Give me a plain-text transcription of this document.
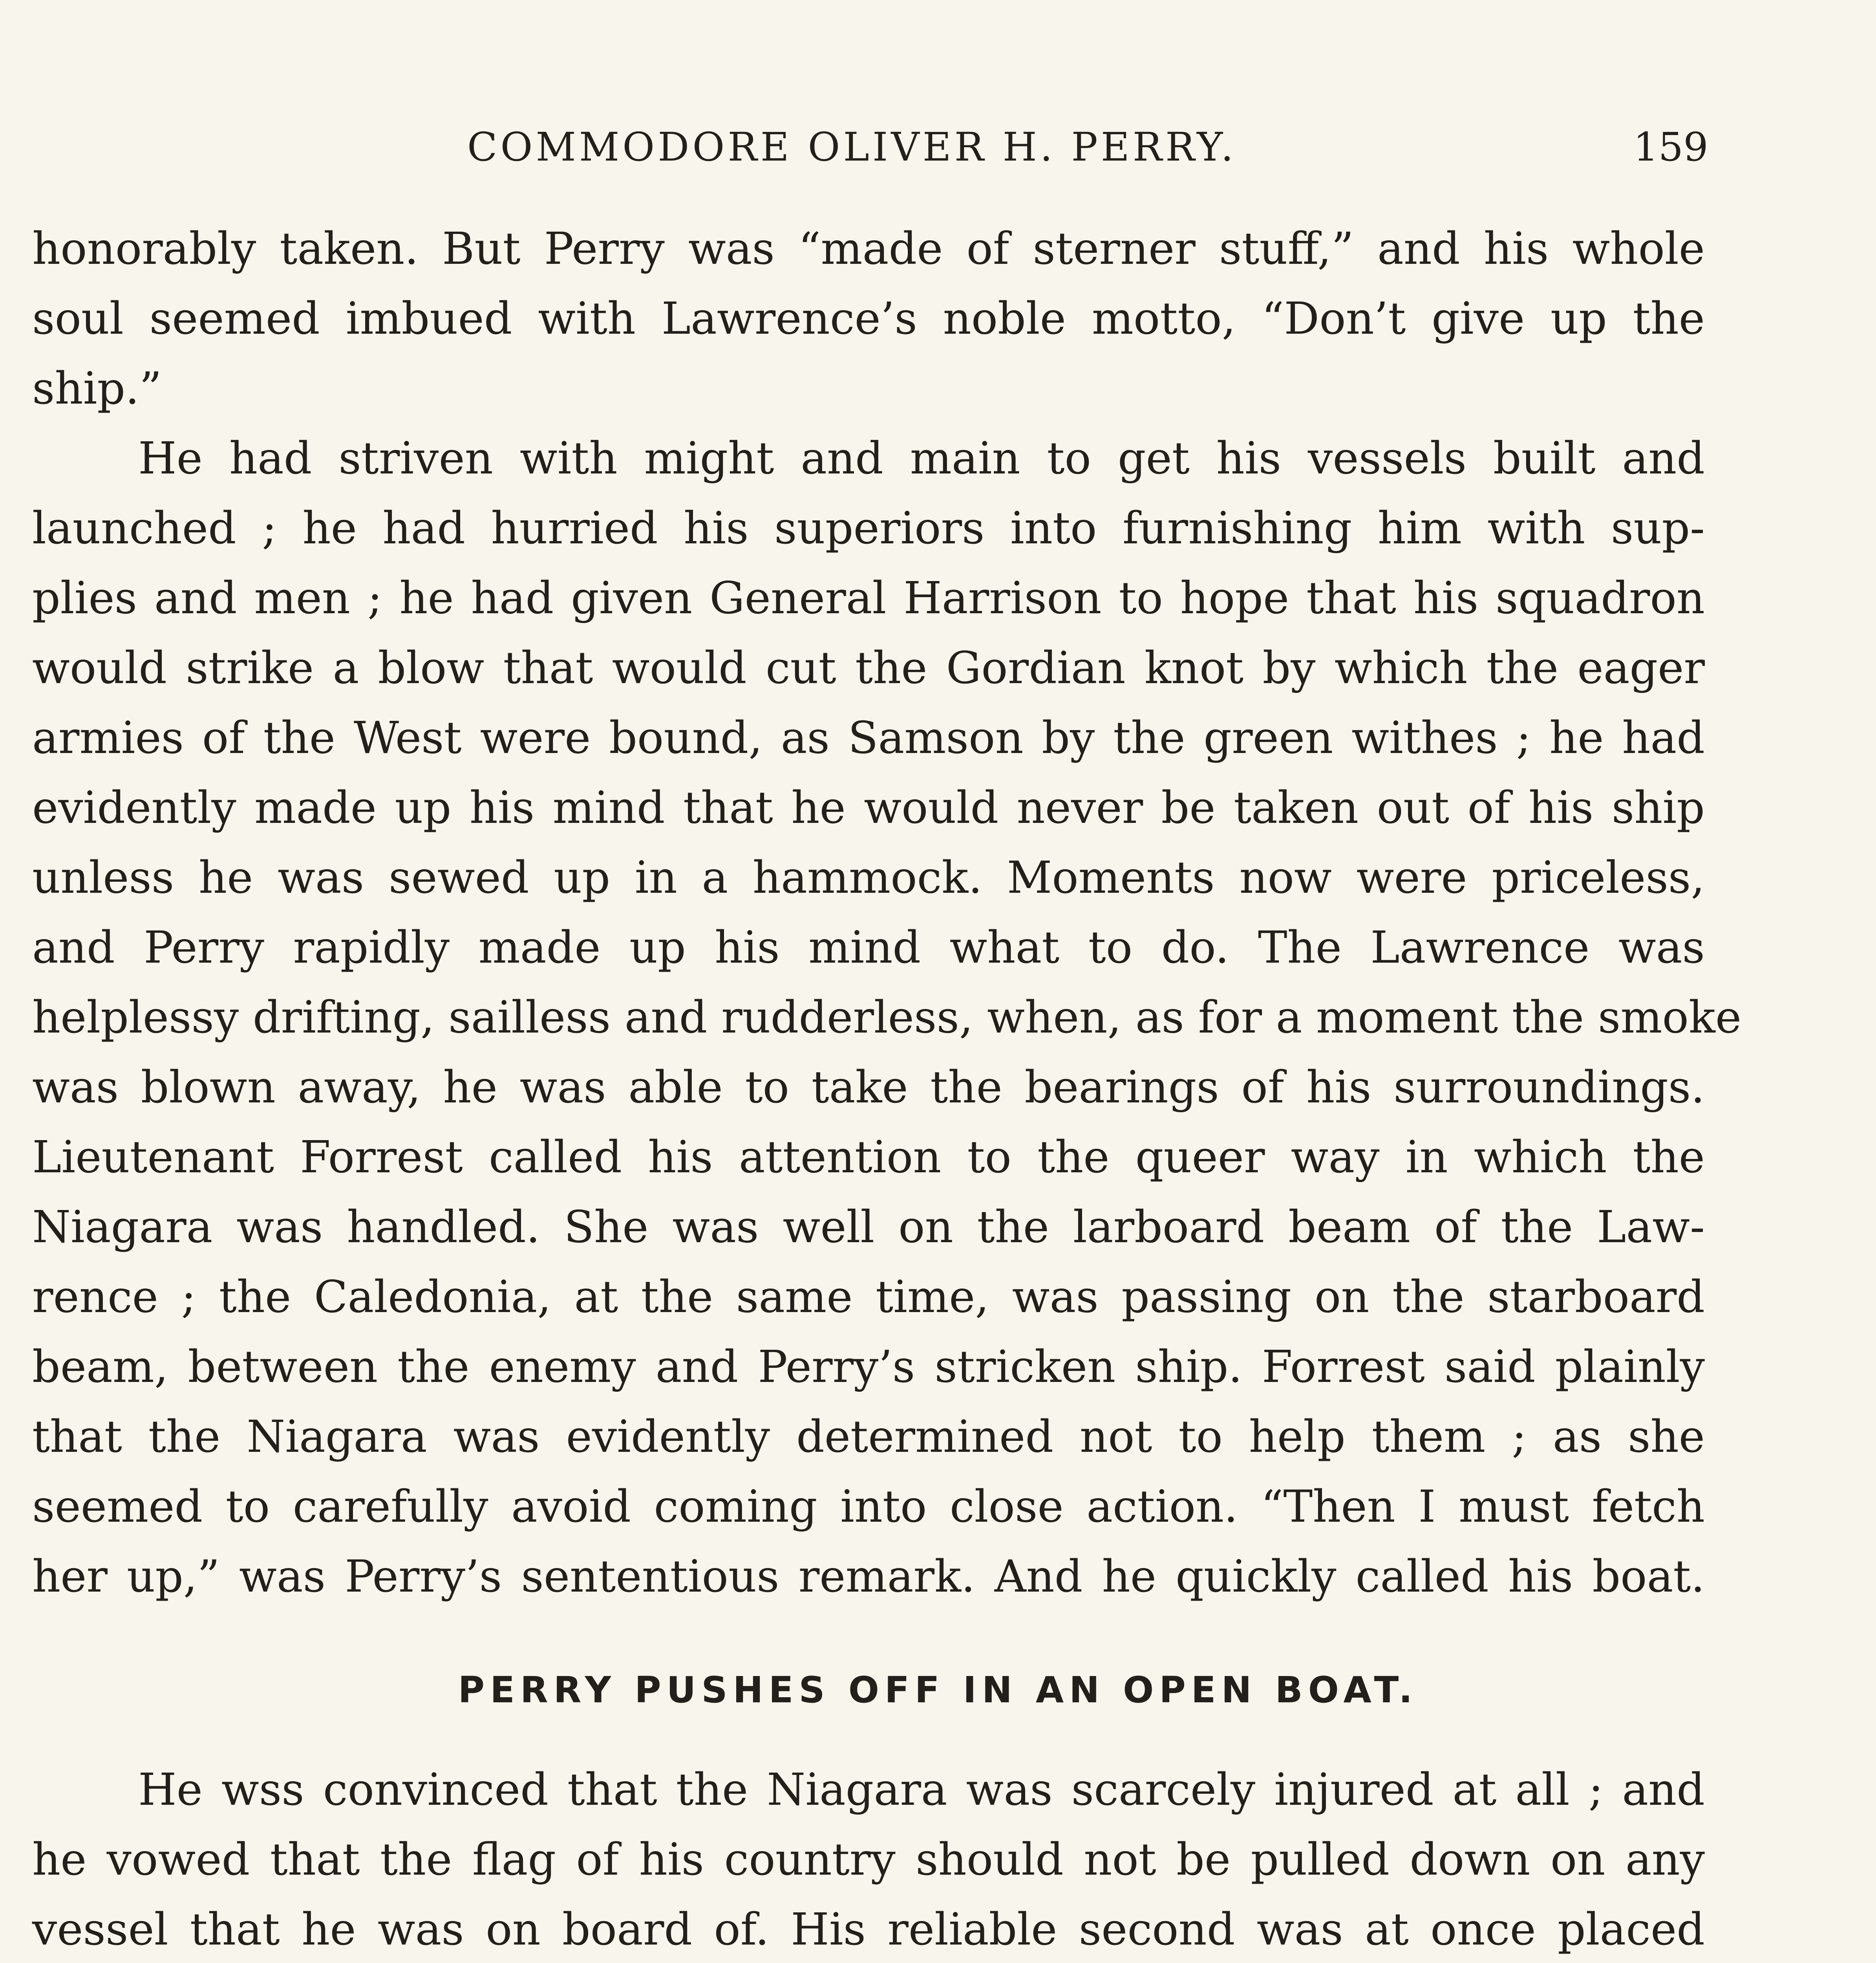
COMMODORE OLIVER H. PERRY.	159
honorably taken. But Perry was “made of sterner stuff,” and his whole
soul seemed imbued with Lawrence’s noble motto, “Don’t give up the
ship.”
He had striven with might and main to get his vessels built and
launched ; he had hurried his superiors into furnishing him with sup-
plies and men ; he had given General Harrison to hope that his squadron
would strike a blow that would cut the Gordian knot by which the eager
armies of the West were bound, as Samson by the green withes ; he had
evidently made up his mind that he would never be taken out of his ship
unless he was sewed up in a hammock. Moments now were priceless,
and Perry rapidly made up his mind what to do. The Lawrence was
helplessy drifting, sailless and rudderless, when, as for a moment the smoke
was blown away, he was able to take the bearings of his surroundings.
Lieutenant Forrest called his attention to the queer way in which the
Niagara was handled. She was well on the larboard beam of the Law-
rence ; the Caledonia, at the same time, was passing on the starboard
beam, between the enemy and Perry’s stricken ship. Forrest said plainly
that the Niagara was evidently determined not to help them ; as she
seemed to carefully avoid coming into close action. “Then I must fetch
her up,” was Perry’s sententious remark. And he quickly called his boat.
PERRY PUSHES OFF IN AN OPEN BOAT.
He wss convinced that the Niagara was scarcely injured at all ; and
he vowed that the flag of his country should not be pulled down on any
vessel that he was on board of. His reliable second was at once placed
